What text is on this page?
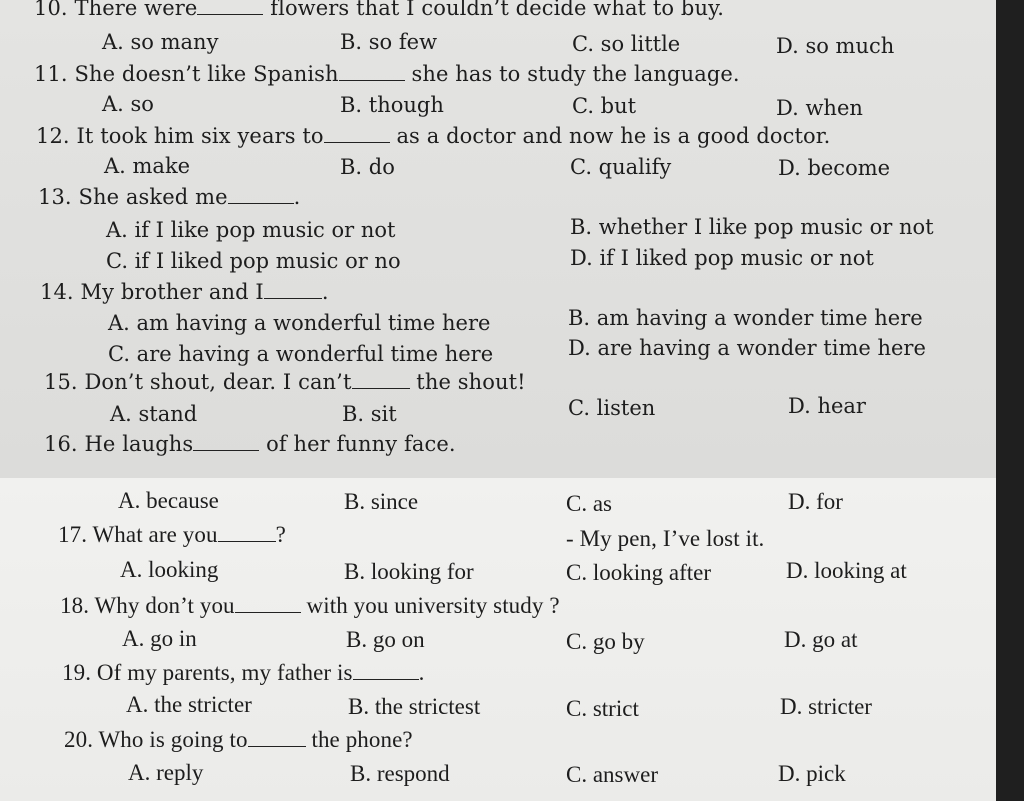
10. There were	flowers that I couldn’t decide what to buy.
A. so many	B. so few	C. so little	D. so much
11. She doesn’t like Spanish	she has to study the language.
A. so	B. though	C. but	D. when
12. It took him six years to	as a doctor and now he is a good doctor.
A. make	B. do	C. qualify	D. become
13. She asked me	.
A. if I like pop music or not	B. whether I like pop music or not
C. if I liked pop music or no	D. if I liked pop music or not
14. My brother and I	.
A. am having a wonderful time here	B. am having a wonder time here
C. are having a wonderful time here	D. are having a wonder time here
15. Don’t shout, dear. I can’t	the shout!
A. stand	B. sit	C. listen	D. hear
16. He laughs	of her funny face.
A. because	B. since	C. as	D. for
17. What are you	?	- My pen, I’ve lost it.
A. looking	B. looking for	C. looking after	D. looking at
18. Why don’t you	with you university study ?
A. go in	B. go on	C. go by	D. go at
19. Of my parents, my father is	.
A. the stricter	B. the strictest	C. strict	D. stricter
20. Who is going to	the phone?
A. reply	B. respond	C. answer	D. pick
